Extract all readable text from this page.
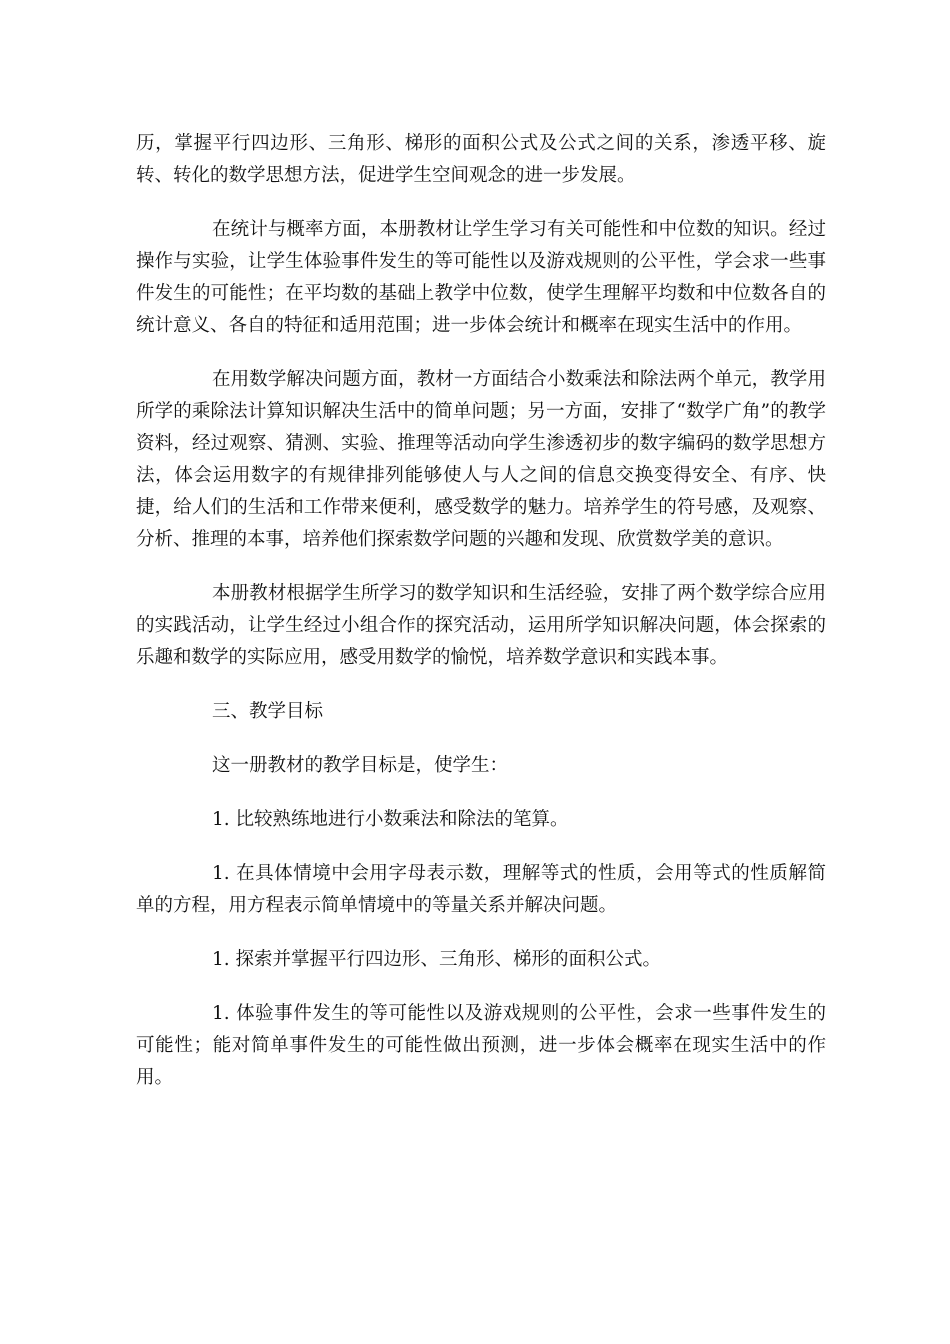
历，掌握平行四边形、三角形、梯形的面积公式及公式之间的关系，渗透平移、旋转、转化的数学思想方法，促进学生空间观念的进一步发展。

在统计与概率方面，本册教材让学生学习有关可能性和中位数的知识。经过操作与实验，让学生体验事件发生的等可能性以及游戏规则的公平性，学会求一些事件发生的可能性；在平均数的基础上教学中位数，使学生理解平均数和中位数各自的统计意义、各自的特征和适用范围；进一步体会统计和概率在现实生活中的作用。

在用数学解决问题方面，教材一方面结合小数乘法和除法两个单元，教学用所学的乘除法计算知识解决生活中的简单问题；另一方面，安排了“数学广角”的教学资料，经过观察、猜测、实验、推理等活动向学生渗透初步的数字编码的数学思想方法，体会运用数字的有规律排列能够使人与人之间的信息交换变得安全、有序、快捷，给人们的生活和工作带来便利，感受数学的魅力。培养学生的符号感，及观察、分析、推理的本事，培养他们探索数学问题的兴趣和发现、欣赏数学美的意识。

本册教材根据学生所学习的数学知识和生活经验，安排了两个数学综合应用的实践活动，让学生经过小组合作的探究活动，运用所学知识解决问题，体会探索的乐趣和数学的实际应用，感受用数学的愉悦，培养数学意识和实践本事。

三、教学目标

这一册教材的教学目标是，使学生：

1. 比较熟练地进行小数乘法和除法的笔算。

1. 在具体情境中会用字母表示数，理解等式的性质，会用等式的性质解简单的方程，用方程表示简单情境中的等量关系并解决问题。

1. 探索并掌握平行四边形、三角形、梯形的面积公式。

1. 体验事件发生的等可能性以及游戏规则的公平性，会求一些事件发生的可能性；能对简单事件发生的可能性做出预测，进一步体会概率在现实生活中的作用。
